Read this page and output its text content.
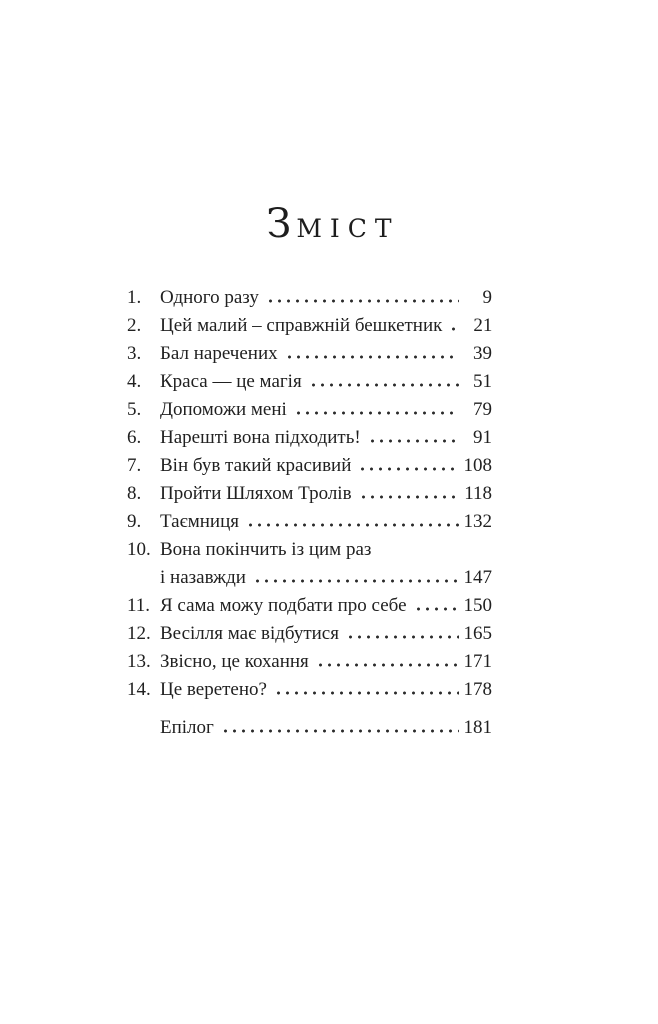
ЗМІСТ
1. Одного разу	9
2. Цей малий – справжній бешкетник	21
3. Бал наречених	39
4. Краса — це магія	51
5. Допоможи мені	79
6. Нарешті вона підходить!	91
7. Він був такий красивий	108
8. Пройти Шляхом Тролів	118
9. Таємниця	132
10. Вона покінчить із цим раз
і назавжди	147
11. Я сама можу подбати про себе	150
12. Весілля має відбутися	165
13. Звісно, це кохання	171
14. Це веретено?	178
Епілог	181
